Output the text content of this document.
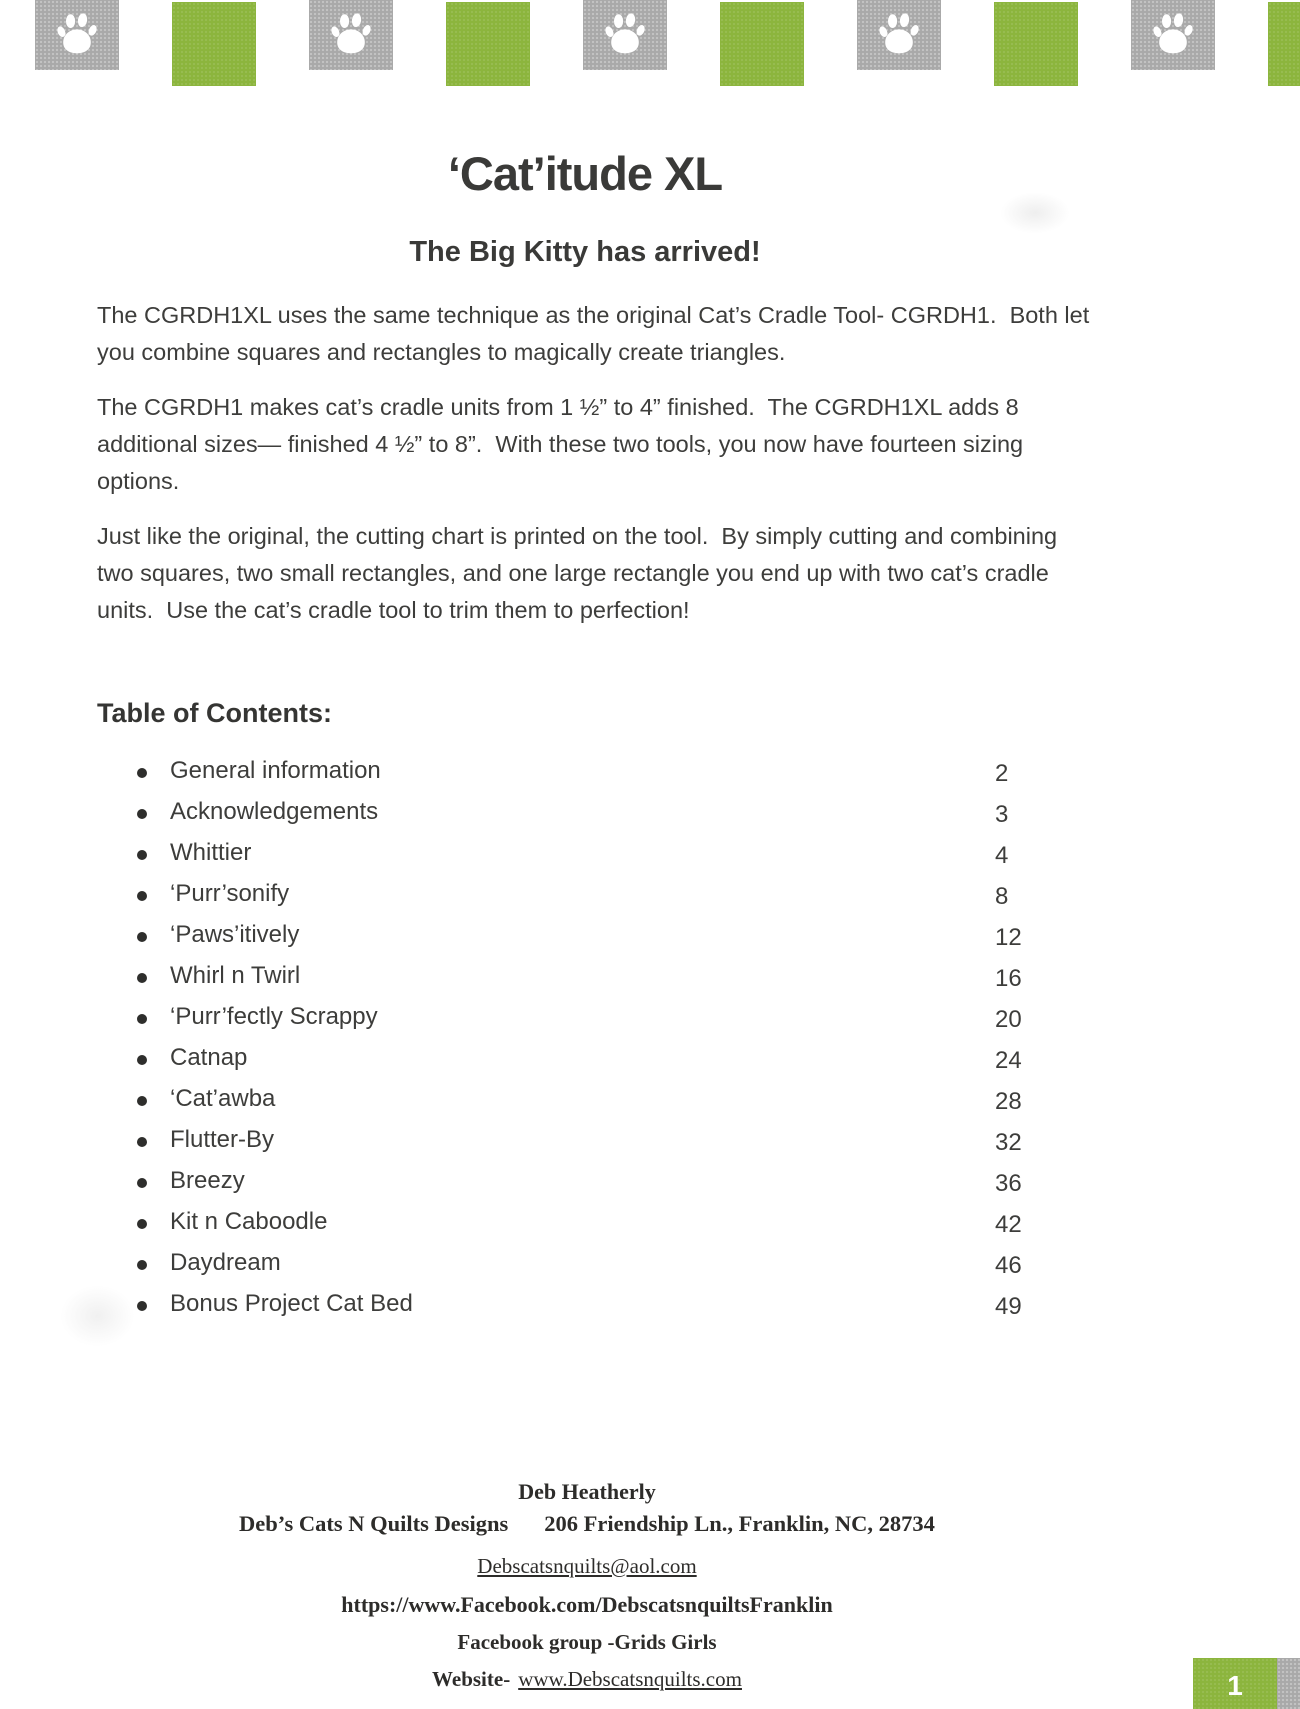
‘Cat’itude XL
The Big Kitty has arrived!

The CGRDH1XL uses the same technique as the original Cat’s Cradle Tool- CGRDH1.  Both let
you combine squares and rectangles to magically create triangles.

The CGRDH1 makes cat’s cradle units from 1 ½” to 4” finished.  The CGRDH1XL adds 8
additional sizes— finished 4 ½” to 8”.  With these two tools, you now have fourteen sizing
options.

Just like the original, the cutting chart is printed on the tool.  By simply cutting and combining
two squares, two small rectangles, and one large rectangle you end up with two cat’s cradle
units.  Use the cat’s cradle tool to trim them to perfection!

Table of Contents:
General information	2
Acknowledgements	3
Whittier	4
‘Purr’sonify	8
‘Paws’itively	12
Whirl n Twirl	16
‘Purr’fectly Scrappy	20
Catnap	24
‘Cat’awba	28
Flutter-By	32
Breezy	36
Kit n Caboodle	42
Daydream	46
Bonus Project Cat Bed	49
Deb Heatherly
Deb’s Cats N Quilts Designs 206 Friendship Ln., Franklin, NC, 28734
Debscatsnquilts@aol.com
https://www.Facebook.com/DebscatsnquiltsFranklin
Facebook group -Grids Girls
Website- www.Debscatsnquilts.com	1
